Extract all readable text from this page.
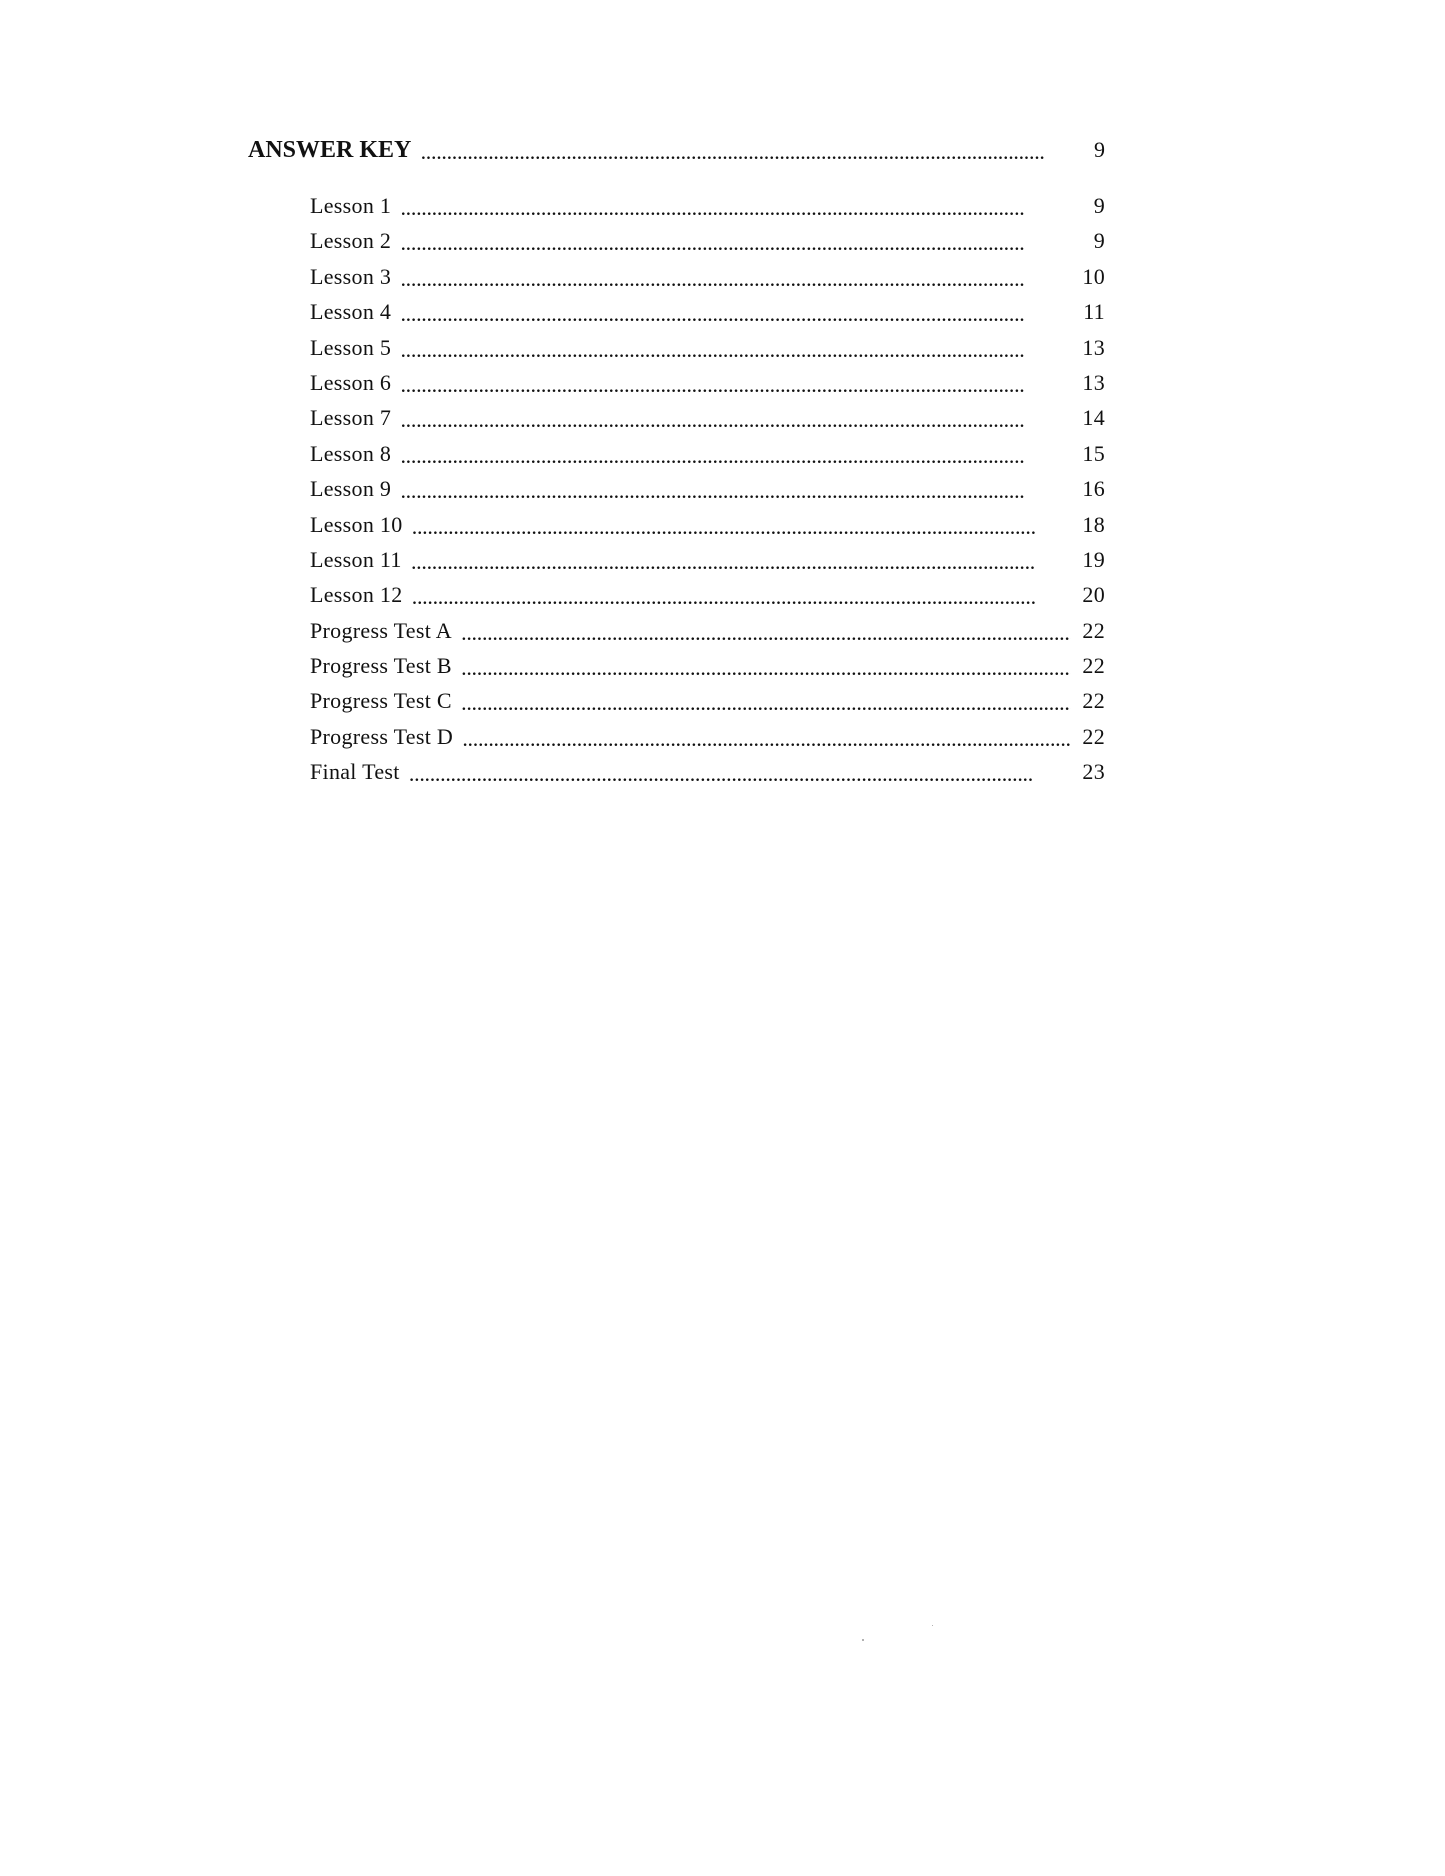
ANSWER KEY . . .	9
Lesson 1 . . .	9
Lesson 2 . . .	9
Lesson 3 . . .	10
Lesson 4 . . .	11
Lesson 5 . . .	13
Lesson 6 . . .	13
Lesson 7 . . .	14
Lesson 8 . . .	15
Lesson 9 . . .	16
Lesson 10 . . .	18
Lesson 11 . . .	19
Lesson 12 . . .	20
Progress Test A . . .	22
Progress Test B . . .	22
Progress Test C . . .	22
Progress Test D . . .	22
Final Test . . .	23
